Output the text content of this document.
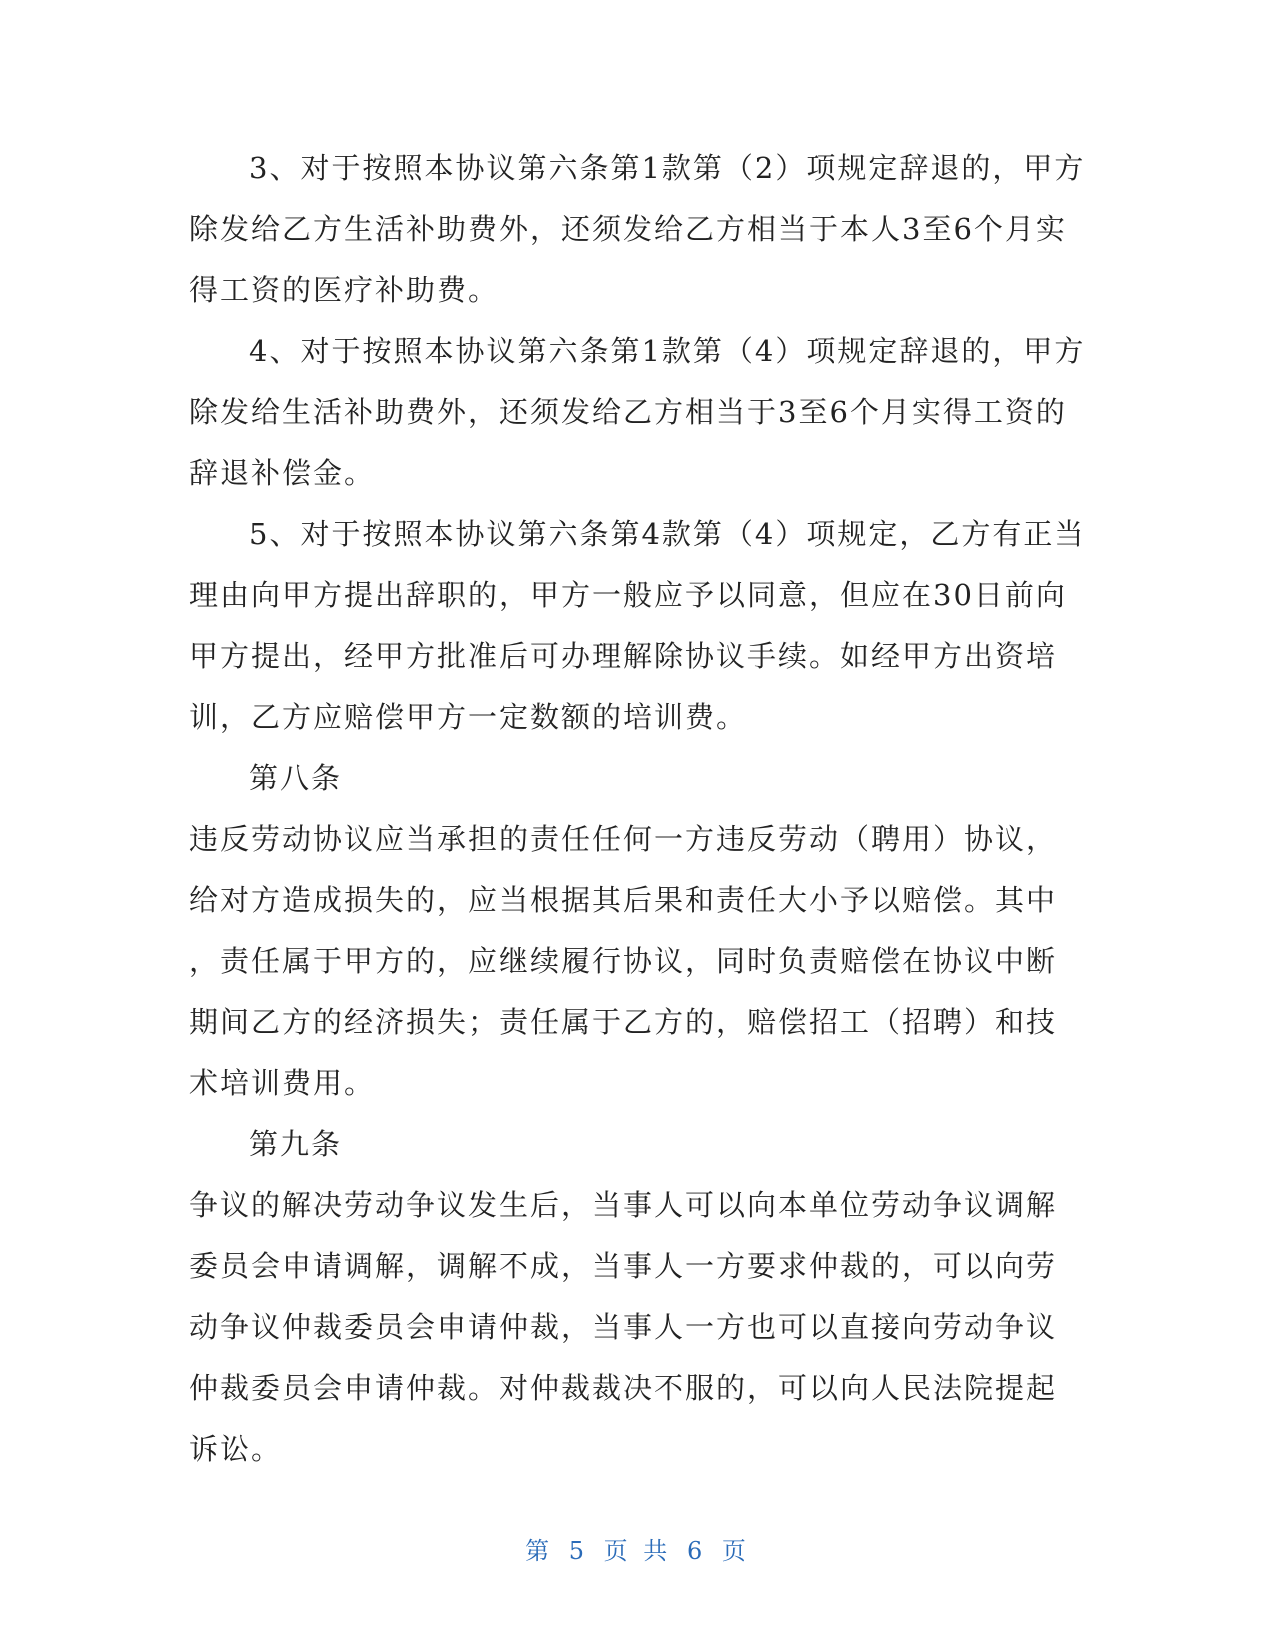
3、对于按照本协议第六条第1款第（2）项规定辞退的，甲方
除发给乙方生活补助费外，还须发给乙方相当于本人3至6个月实
得工资的医疗补助费。
4、对于按照本协议第六条第1款第（4）项规定辞退的，甲方
除发给生活补助费外，还须发给乙方相当于3至6个月实得工资的
辞退补偿金。
5、对于按照本协议第六条第4款第（4）项规定，乙方有正当
理由向甲方提出辞职的，甲方一般应予以同意，但应在30日前向
甲方提出，经甲方批准后可办理解除协议手续。如经甲方出资培
训，乙方应赔偿甲方一定数额的培训费。
第八条
违反劳动协议应当承担的责任任何一方违反劳动（聘用）协议，
给对方造成损失的，应当根据其后果和责任大小予以赔偿。其中
，责任属于甲方的，应继续履行协议，同时负责赔偿在协议中断
期间乙方的经济损失；责任属于乙方的，赔偿招工（招聘）和技
术培训费用。
第九条
争议的解决劳动争议发生后，当事人可以向本单位劳动争议调解
委员会申请调解，调解不成，当事人一方要求仲裁的，可以向劳
动争议仲裁委员会申请仲裁，当事人一方也可以直接向劳动争议
仲裁委员会申请仲裁。对仲裁裁决不服的，可以向人民法院提起
诉讼。
第 5 页 共 6 页
